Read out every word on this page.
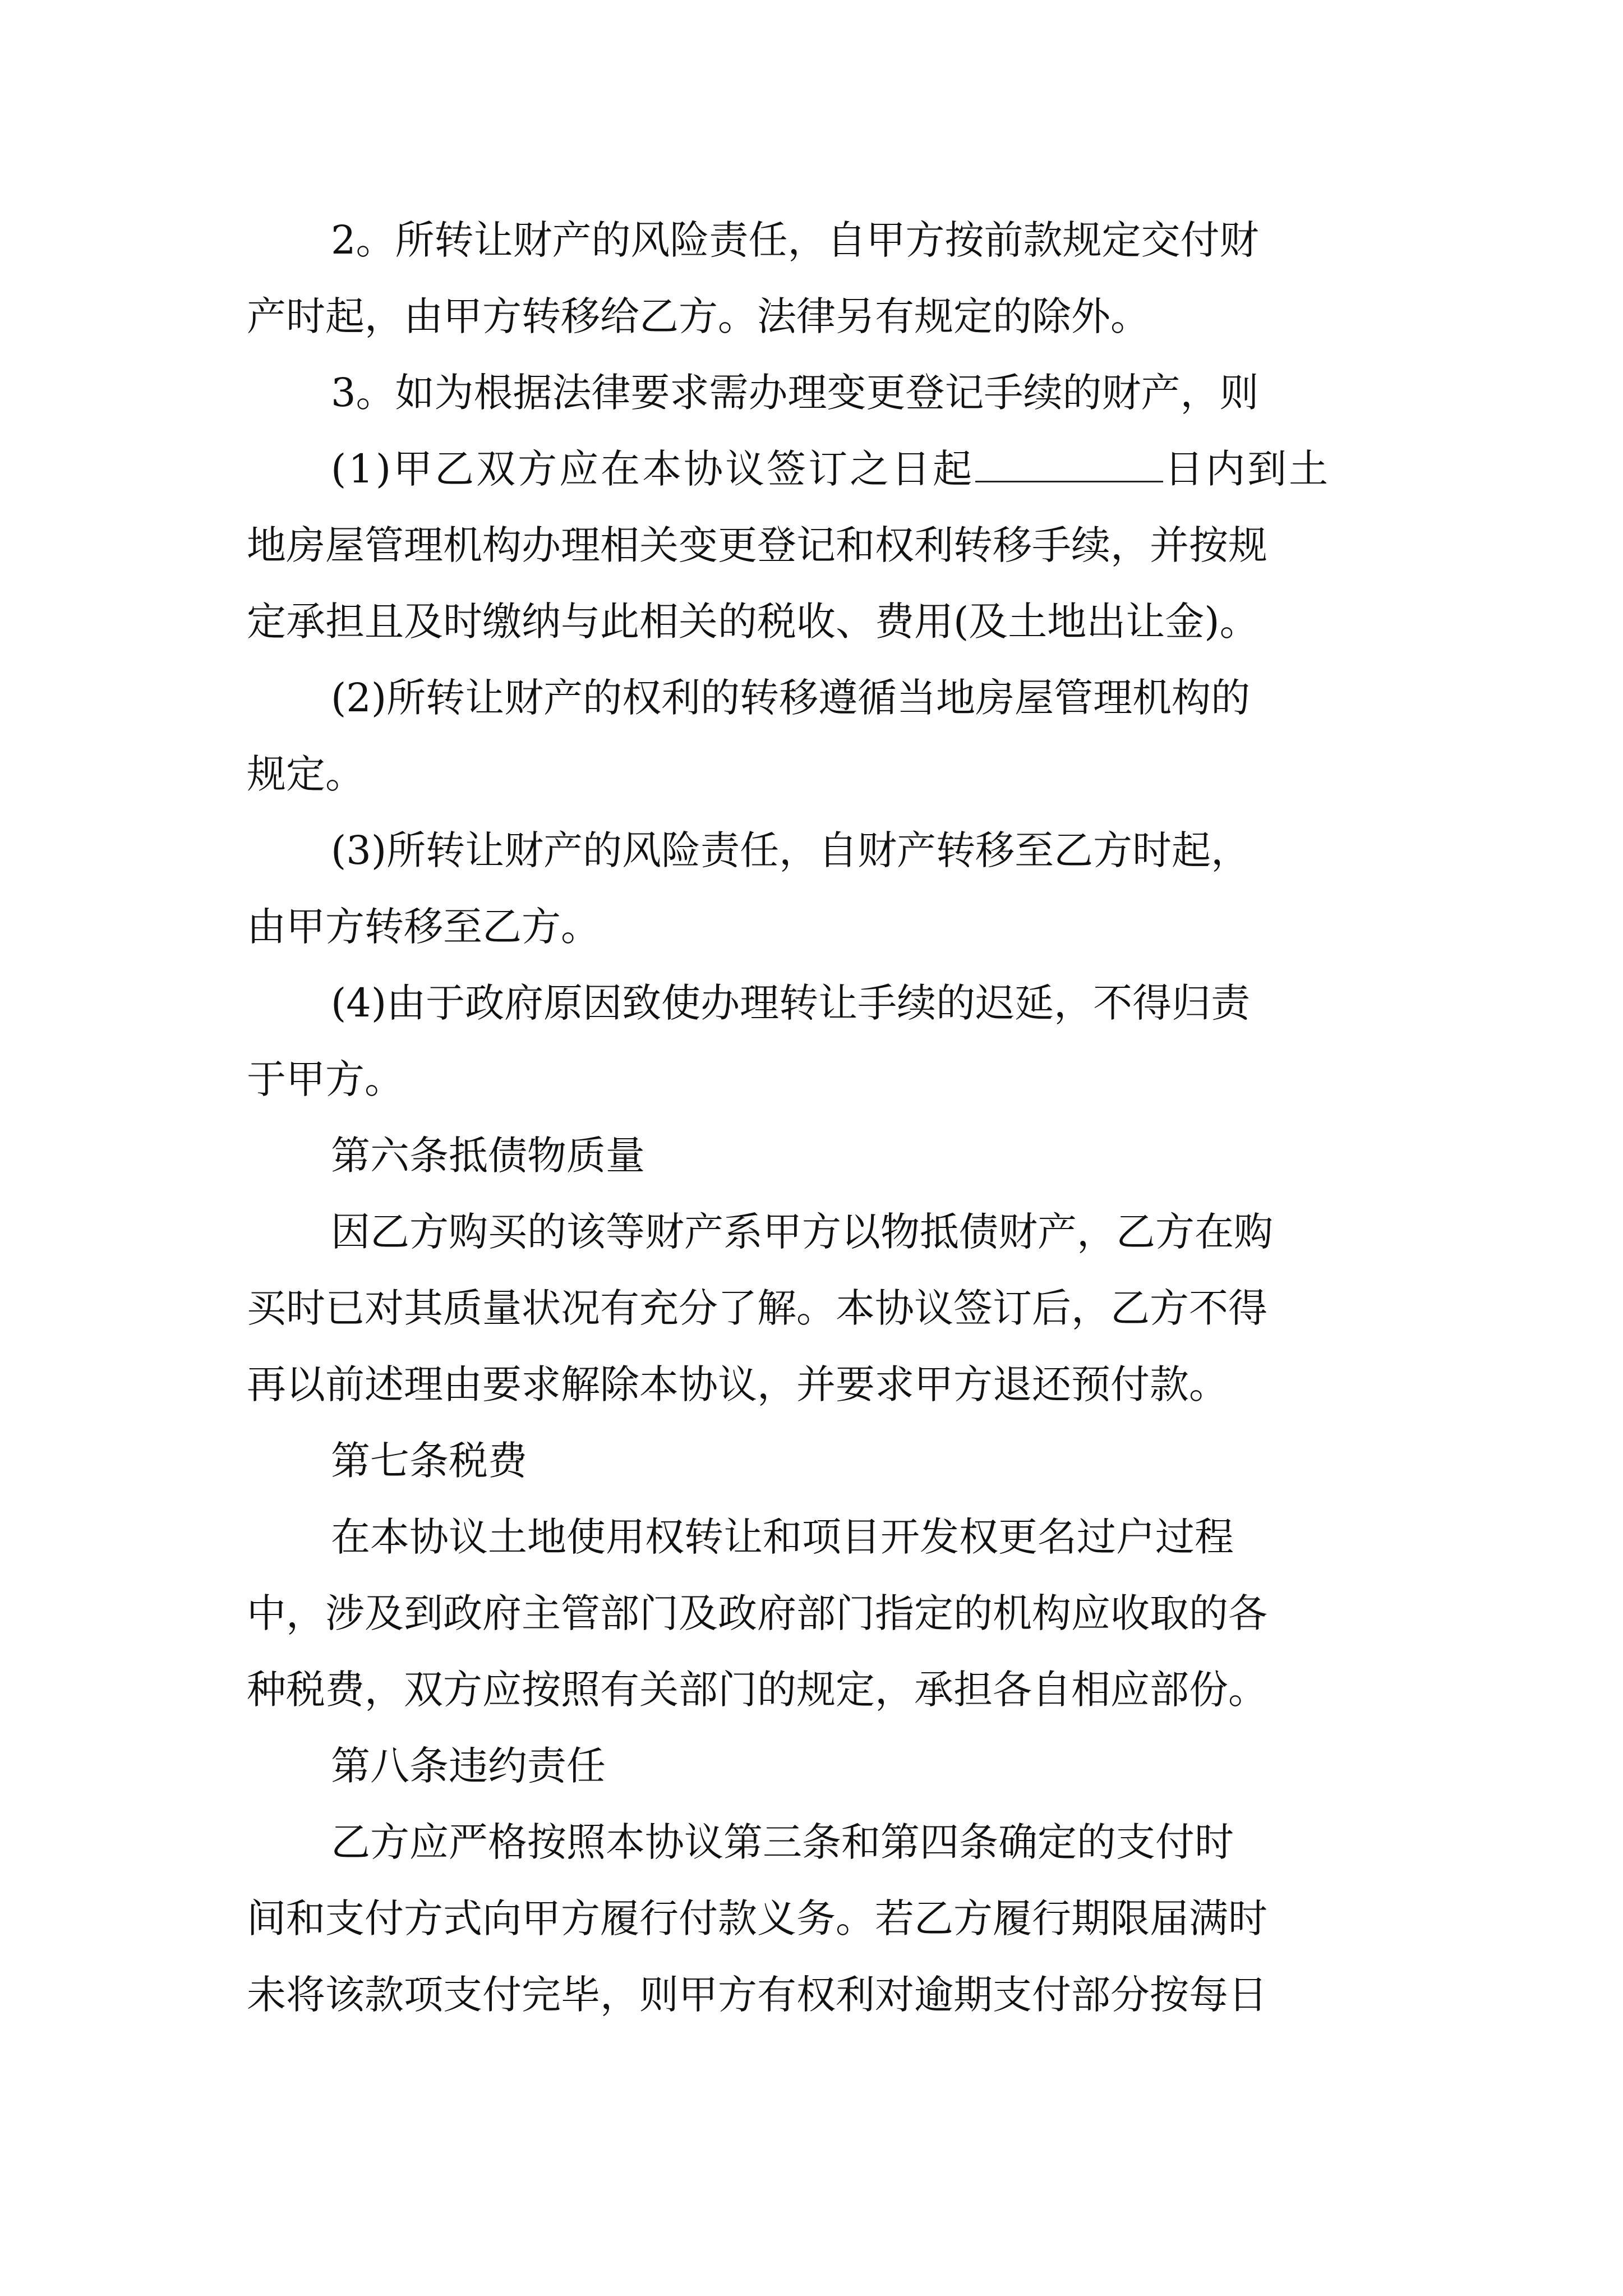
2。所转让财产的风险责任，自甲方按前款规定交付财
产时起，由甲方转移给乙方。法律另有规定的除外。
3。如为根据法律要求需办理变更登记手续的财产，则
(1)甲乙双方应在本协议签订之日起	日内到土
地房屋管理机构办理相关变更登记和权利转移手续，并按规
定承担且及时缴纳与此相关的税收、费用(及土地出让金)。
(2)所转让财产的权利的转移遵循当地房屋管理机构的
规定。
(3)所转让财产的风险责任，自财产转移至乙方时起，
由甲方转移至乙方。
(4)由于政府原因致使办理转让手续的迟延，不得归责
于甲方。
第六条抵债物质量
因乙方购买的该等财产系甲方以物抵债财产，乙方在购
买时已对其质量状况有充分了解。本协议签订后，乙方不得
再以前述理由要求解除本协议，并要求甲方退还预付款。
第七条税费
在本协议土地使用权转让和项目开发权更名过户过程
中，涉及到政府主管部门及政府部门指定的机构应收取的各
种税费，双方应按照有关部门的规定，承担各自相应部份。
第八条违约责任
乙方应严格按照本协议第三条和第四条确定的支付时
间和支付方式向甲方履行付款义务。若乙方履行期限届满时
未将该款项支付完毕，则甲方有权利对逾期支付部分按每日
